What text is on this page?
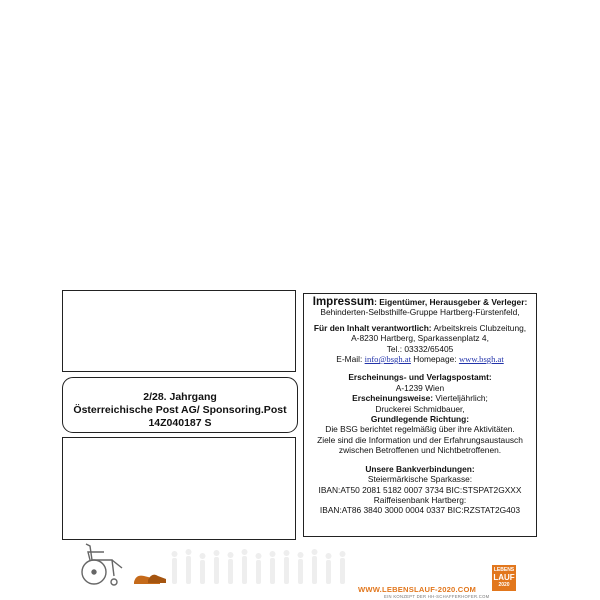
2/28. Jahrgang
Österreichische Post AG/ Sponsoring.Post
14Z040187 S

Impressum: Eigentümer, Herausgeber & Verleger:

Behinderten-Selbsthilfe-Gruppe Hartberg-Fürstenfeld,

Für den Inhalt verantwortlich: Arbeitskreis Clubzeitung,

A-8230 Hartberg, Sparkassenplatz 4,

Tel.: 03332/65405

E-Mail: info@bsgh.at Homepage: www.bsgh.at

Erscheinungs- und Verlagspostamt:

A-1239 Wien

Erscheinungsweise: Vierteljährlich;

Druckerei Schmidbauer,

Grundlegende Richtung:

Die BSG berichtet regelmäßig über ihre Aktivitäten.

Ziele sind die Information und der Erfahrungsaustausch

zwischen Betroffenen und Nichtbetroffenen.

Unsere Bankverbindungen:

Steiermärkische Sparkasse:

IBAN:AT50 2081 5182 0007 3734 BIC:STSPAT2GXXX

Raiffeisenbank Hartberg:

IBAN:AT86 3840 3000 0004 0337 BIC:RZSTAT2G403

WWW.LEBENSLAUF-2020.COM
EIN KONZEPT DER HH-SCHAFFERHOFER.COM
LEBENS
LAUF
2020
